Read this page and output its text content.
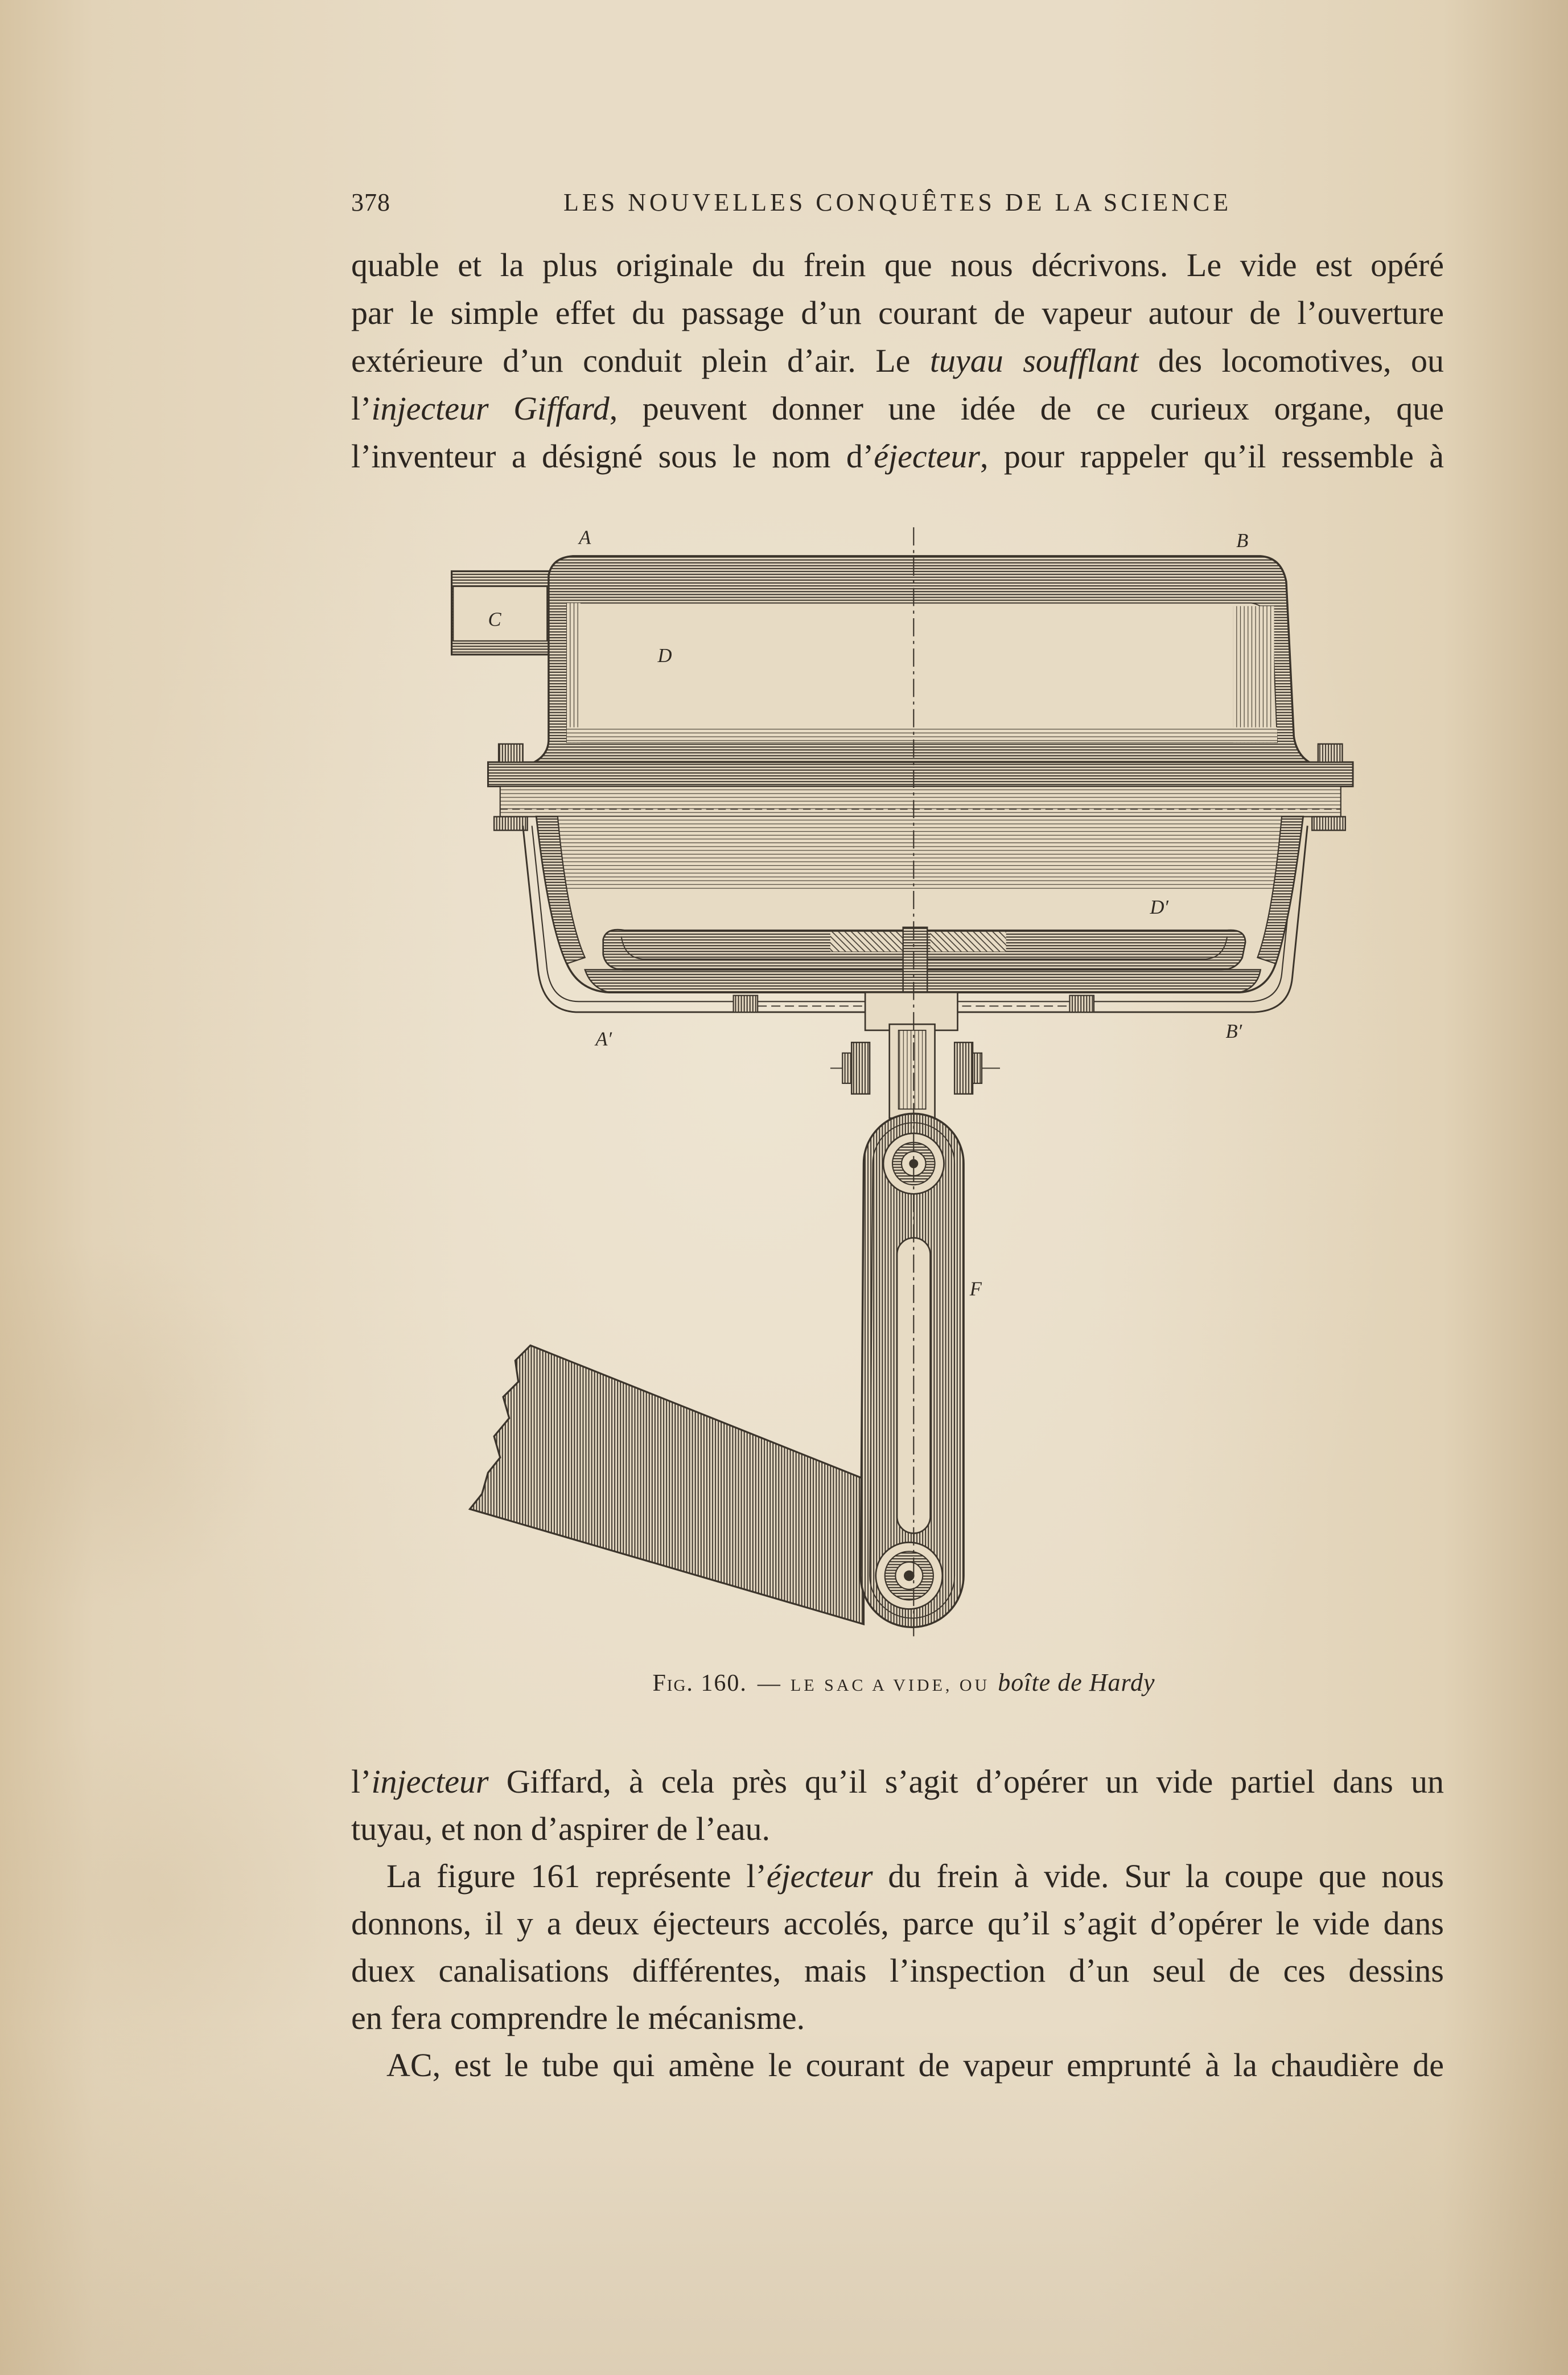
378	LES NOUVELLES CONQUÊTES DE LA SCIENCE
quable et la plus originale du frein que nous décrivons. Le vide est opéré
par le simple effet du passage d’un courant de vapeur autour de l’ouverture
extérieure d’un conduit plein d’air. Le tuyau soufflant des locomotives, ou
l’injecteur Giffard, peuvent donner une idée de ce curieux organe, que
l’inventeur a désigné sous le nom d’éjecteur, pour rappeler qu’il ressemble à
A	B
C
D
D′
A′	B′
F
Fig. 160. — LE SAC A VIDE, OU boîte de Hardy
l’injecteur Giffard, à cela près qu’il s’agit d’opérer un vide partiel dans un
tuyau, et non d’aspirer de l’eau.
La figure 161 représente l’éjecteur du frein à vide. Sur la coupe que nous
donnons, il y a deux éjecteurs accolés, parce qu’il s’agit d’opérer le vide dans
duex canalisations différentes, mais l’inspection d’un seul de ces dessins
en fera comprendre le mécanisme.
AC, est le tube qui amène le courant de vapeur emprunté à la chaudière de
